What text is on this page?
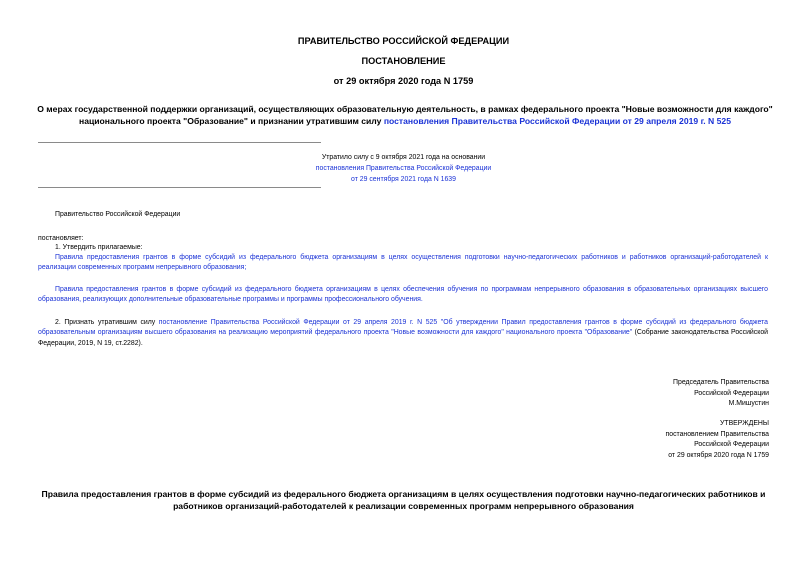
ПРАВИТЕЛЬСТВО РОССИЙСКОЙ ФЕДЕРАЦИИ
ПОСТАНОВЛЕНИЕ
от 29 октября 2020 года N 1759
О мерах государственной поддержки организаций, осуществляющих образовательную деятельность, в рамках федерального проекта "Новые возможности для каждого" национального проекта "Образование" и признании утратившим силу постановления Правительства Российской Федерации от 29 апреля 2019 г. N 525
Утратило силу с 9 октября 2021 года на основании
постановления Правительства Российской Федерации
от 29 сентября 2021 года N 1639
Правительство Российской Федерации
постановляет:
1. Утвердить прилагаемые:
Правила предоставления грантов в форме субсидий из федерального бюджета организациям в целях осуществления подготовки научно-педагогических работников и работников организаций-работодателей к реализации современных программ непрерывного образования;
Правила предоставления грантов в форме субсидий из федерального бюджета организациям в целях обеспечения обучения по программам непрерывного образования в образовательных организациях высшего образования, реализующих дополнительные образовательные программы и программы профессионального обучения.
2. Признать утратившим силу постановление Правительства Российской Федерации от 29 апреля 2019 г. N 525 "Об утверждении Правил предоставления грантов в форме субсидий из федерального бюджета образовательным организациям высшего образования на реализацию мероприятий федерального проекта "Новые возможности для каждого" национального проекта "Образование" (Собрание законодательства Российской Федерации, 2019, N 19, ст.2282).
Председатель Правительства
Российской Федерации
М.Мишустин
УТВЕРЖДЕНЫ
постановлением Правительства
Российской Федерации
от 29 октября 2020 года N 1759
Правила предоставления грантов в форме субсидий из федерального бюджета организациям в целях осуществления подготовки научно-педагогических работников и работников организаций-работодателей к реализации современных программ непрерывного образования
